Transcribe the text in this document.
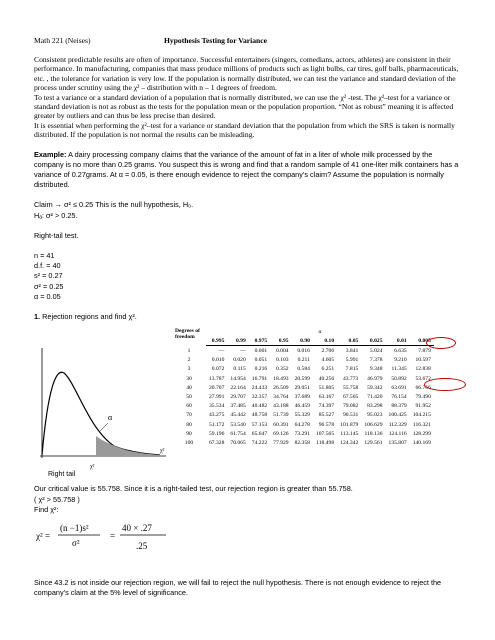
Math 221 (Neises)	Hypothesis Testing for Variance

Consistent predictable results are often of importance. Successful entertainers (singers, comedians, actors, athletes) are consistent in their performance. In manufacturing, companies that mass produce millions of products such as light bulbs, car tires, golf balls, pharmaceuticals, etc. , the tolerance for variation is very low. If the population is normally distributed, we can test the variance and standard deviation of the process under scrutiny using the χ² – distribution with n – 1 degrees of freedom.

To test a variance or a standard deviation of a population that is normally distributed, we can use the χ² -test. The χ²–test for a variance or standard deviation is not as robust as the tests for the population mean or the population proportion. “Not as robust” meaning it is affected greater by outliers and can thus be less precise than desired.

It is essential when performing the χ²–test for a variance or standard deviation that the population from which the SRS is taken is normally distributed. If the population is not normal the results can be misleading.

Example: A dairy processing company claims that the variance of the amount of fat in a liter of whole milk processed by the company is no more than 0.25 grams. You suspect this is wrong and find that a random sample of 41 one-liter milk containers has a variance of 0.27grams. At α = 0.05, is there enough evidence to reject the company’s claim? Assume the population is normally distributed.

Claim → σ² ≤ 0.25 This is the null hypothesis, H₀.

Hₐ: σ² > 0.25.

Right-tail test.

n = 41

d.f. = 40

s² = 0.27

σ² = 0.25

α = 0.05

1. Rejection regions and find χ².
α
χ²
χ²
Right tail
Degrees of freedom	α									
	0.995	0.99	0.975	0.95	0.90	0.10	0.05	0.025	0.01	0.005
1	—	—	0.001	0.004	0.016	2.706	3.841	5.024	6.635	7.879
2	0.010	0.020	0.051	0.103	0.211	4.605	5.991	7.378	9.210	10.597
3	0.072	0.115	0.216	0.352	0.584	6.251	7.815	9.348	11.345	12.838
30	13.787	14.954	16.791	18.493	20.599	40.256	43.773	46.979	50.892	53.672
40	20.707	22.164	24.433	26.509	29.051	51.805	55.758	59.342	63.691	66.766
50	27.991	29.707	32.357	34.764	37.689	63.167	67.505	71.420	76.154	79.490
60	35.534	37.485	40.482	43.188	46.459	74.397	79.082	83.298	88.379	91.952
70	43.275	45.442	48.758	51.739	55.329	85.527	90.531	95.023	100.425	104.215
80	51.172	53.540	57.153	60.391	64.278	96.578	101.879	106.629	112.329	116.321
90	59.196	61.754	65.647	69.126	73.291	107.565	113.145	118.136	124.116	128.299
100	67.328	70.065	74.222	77.929	82.358	118.498	124.342	129.561	135.807	140.169

Our critical value is 55.758. Since it is a right-tailed test, our rejection region is greater than 55.758.

( χ² > 55.758 )

Find χ²:

χ² =
(n −1)s²
σ²
=
40 × .27
.25
Since 43.2 is not inside our rejection region, we will fail to reject the null hypothesis. There is not enough evidence to reject the company’s claim at the 5% level of significance.
